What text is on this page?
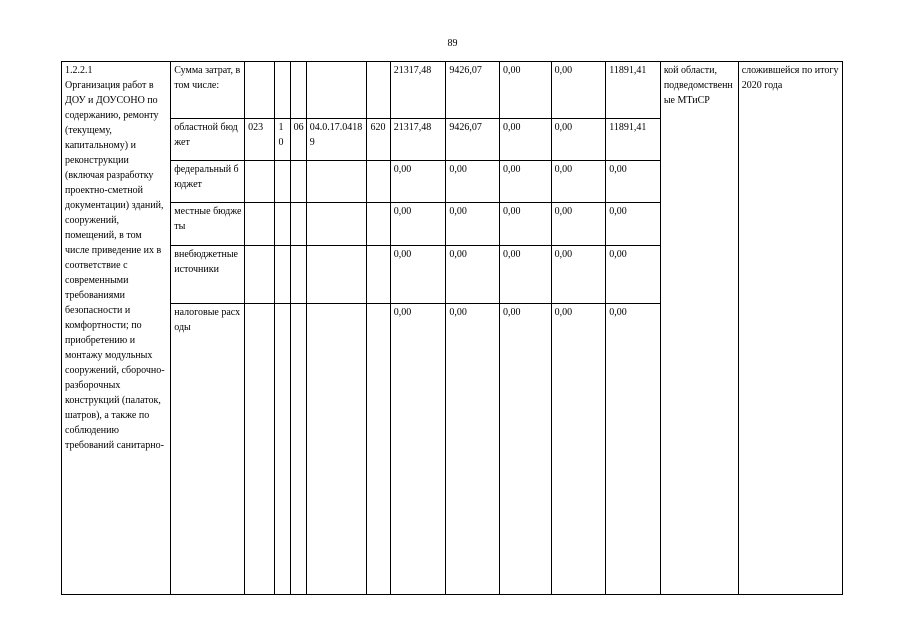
89
1.2.2.1
Организация работ в ДОУ и ДОУСОНО по содержанию, ремонту (текущему, капитальному) и реконструкции (включая разработку проектно-сметной документации) зданий, сооружений, помещений, в том числе приведение их в соответствие с современными требованиями безопасности и комфортности; по приобретению и монтажу модульных сооружений, сборочно-разборочных конструкций (палаток, шатров), а также по соблюдению требований санитарно-	Сумма затрат, в том числе:						21317,48	9426,07	0,00	0,00	11891,41	кой области, подведомственные МТиСР	сложившейся по итогу 2020 года
	областной бюджет	023	10	06	04.0.17.04189	620	21317,48	9426,07	0,00	0,00	11891,41		
	федеральный бюджет						0,00	0,00	0,00	0,00	0,00		
	местные бюджеты						0,00	0,00	0,00	0,00	0,00		
	внебюджетные источники						0,00	0,00	0,00	0,00	0,00		
	налоговые расходы						0,00	0,00	0,00	0,00	0,00		
